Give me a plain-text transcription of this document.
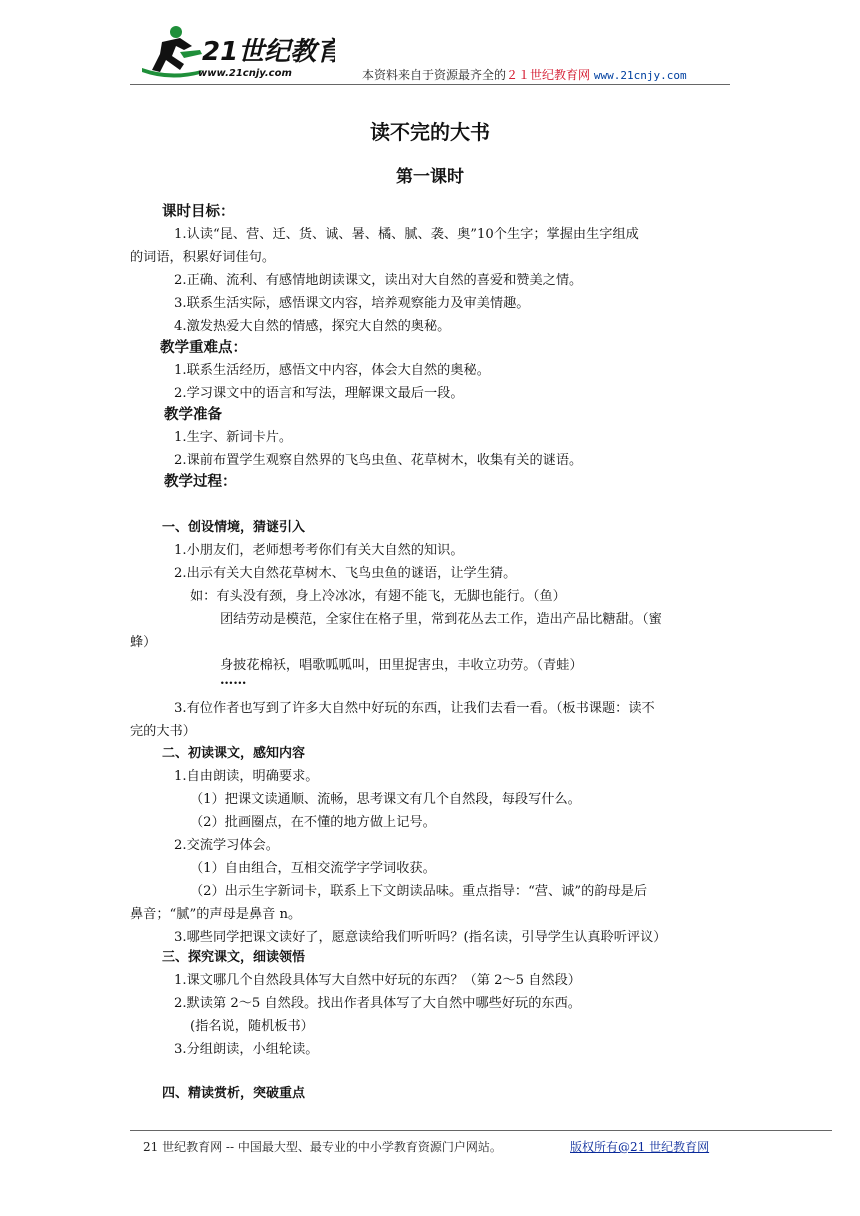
21世纪教育
www.21cnjy.com	本资料来自于资源最齐全的２１世纪教育网 www.21cnjy.com
读不完的大书
第一课时
课时目标：
1.认读“昆、营、迁、货、诚、暑、橘、腻、袭、奥”10个生字；掌握由生字组成
的词语，积累好词佳句。
2.正确、流利、有感情地朗读课文，读出对大自然的喜爱和赞美之情。
3.联系生活实际，感悟课文内容，培养观察能力及审美情趣。
4.激发热爱大自然的情感，探究大自然的奥秘。
教学重难点：
1.联系生活经历，感悟文中内容，体会大自然的奥秘。
2.学习课文中的语言和写法，理解课文最后一段。
教学准备
1.生字、新词卡片。
2.课前布置学生观察自然界的飞鸟虫鱼、花草树木，收集有关的谜语。
教学过程：
一、创设情境，猜谜引入
1.小朋友们，老师想考考你们有关大自然的知识。
2.出示有关大自然花草树木、飞鸟虫鱼的谜语，让学生猜。
如：有头没有颈，身上冷冰冰，有翅不能飞，无脚也能行。（鱼）
团结劳动是模范，全家住在格子里，常到花丛去工作，造出产品比糖甜。（蜜
蜂）
身披花棉袄，唱歌呱呱叫，田里捉害虫，丰收立功劳。（青蛙）
……
3.有位作者也写到了许多大自然中好玩的东西，让我们去看一看。（板书课题：读不
完的大书）
二、初读课文，感知内容
1.自由朗读，明确要求。
（1）把课文读通顺、流畅，思考课文有几个自然段，每段写什么。
（2）批画圈点，在不懂的地方做上记号。
2.交流学习体会。
（1）自由组合，互相交流学字学词收获。
（2）出示生字新词卡，联系上下文朗读品味。重点指导：“营、诚”的韵母是后
鼻音；“腻”的声母是鼻音 n。
3.哪些同学把课文读好了，愿意读给我们听听吗？(指名读，引导学生认真聆听评议）
三、探究课文，细读领悟
1.课文哪几个自然段具体写大自然中好玩的东西？（第 2～5 自然段）
2.默读第 2～5 自然段。找出作者具体写了大自然中哪些好玩的东西。
(指名说，随机板书）
3.分组朗读，小组轮读。
四、精读赏析，突破重点
21 世纪教育网 -- 中国最大型、最专业的中小学教育资源门户网站。	版权所有@21 世纪教育网
